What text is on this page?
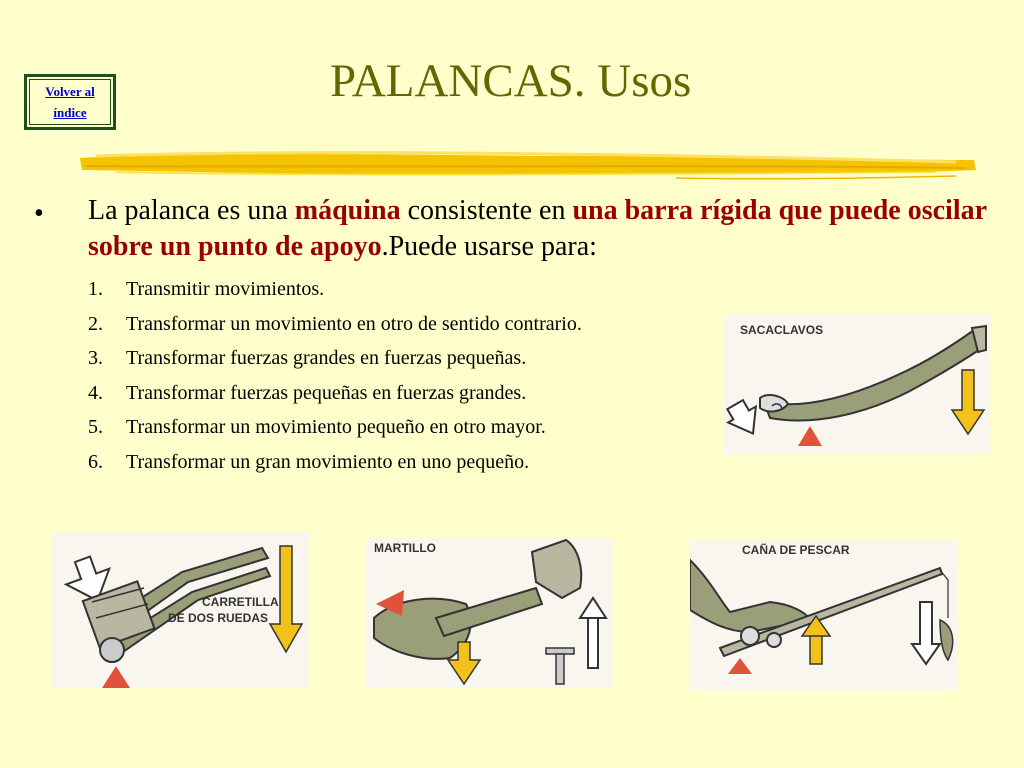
Volver al
índice
PALANCAS. Usos
• La palanca es una máquina consistente en una barra rígida que puede oscilar sobre un punto de apoyo.Puede usarse para:
1. Transmitir movimientos.
2. Transformar un movimiento en otro de sentido contrario.
3. Transformar fuerzas grandes en fuerzas pequeñas.
4. Transformar fuerzas pequeñas en fuerzas grandes.
5. Transformar un movimiento pequeño en otro mayor.
6. Transformar un gran movimiento en uno pequeño.
SACACLAVOS
CARRETILLA
DE DOS RUEDAS
MARTILLO	CAÑA DE PESCAR
